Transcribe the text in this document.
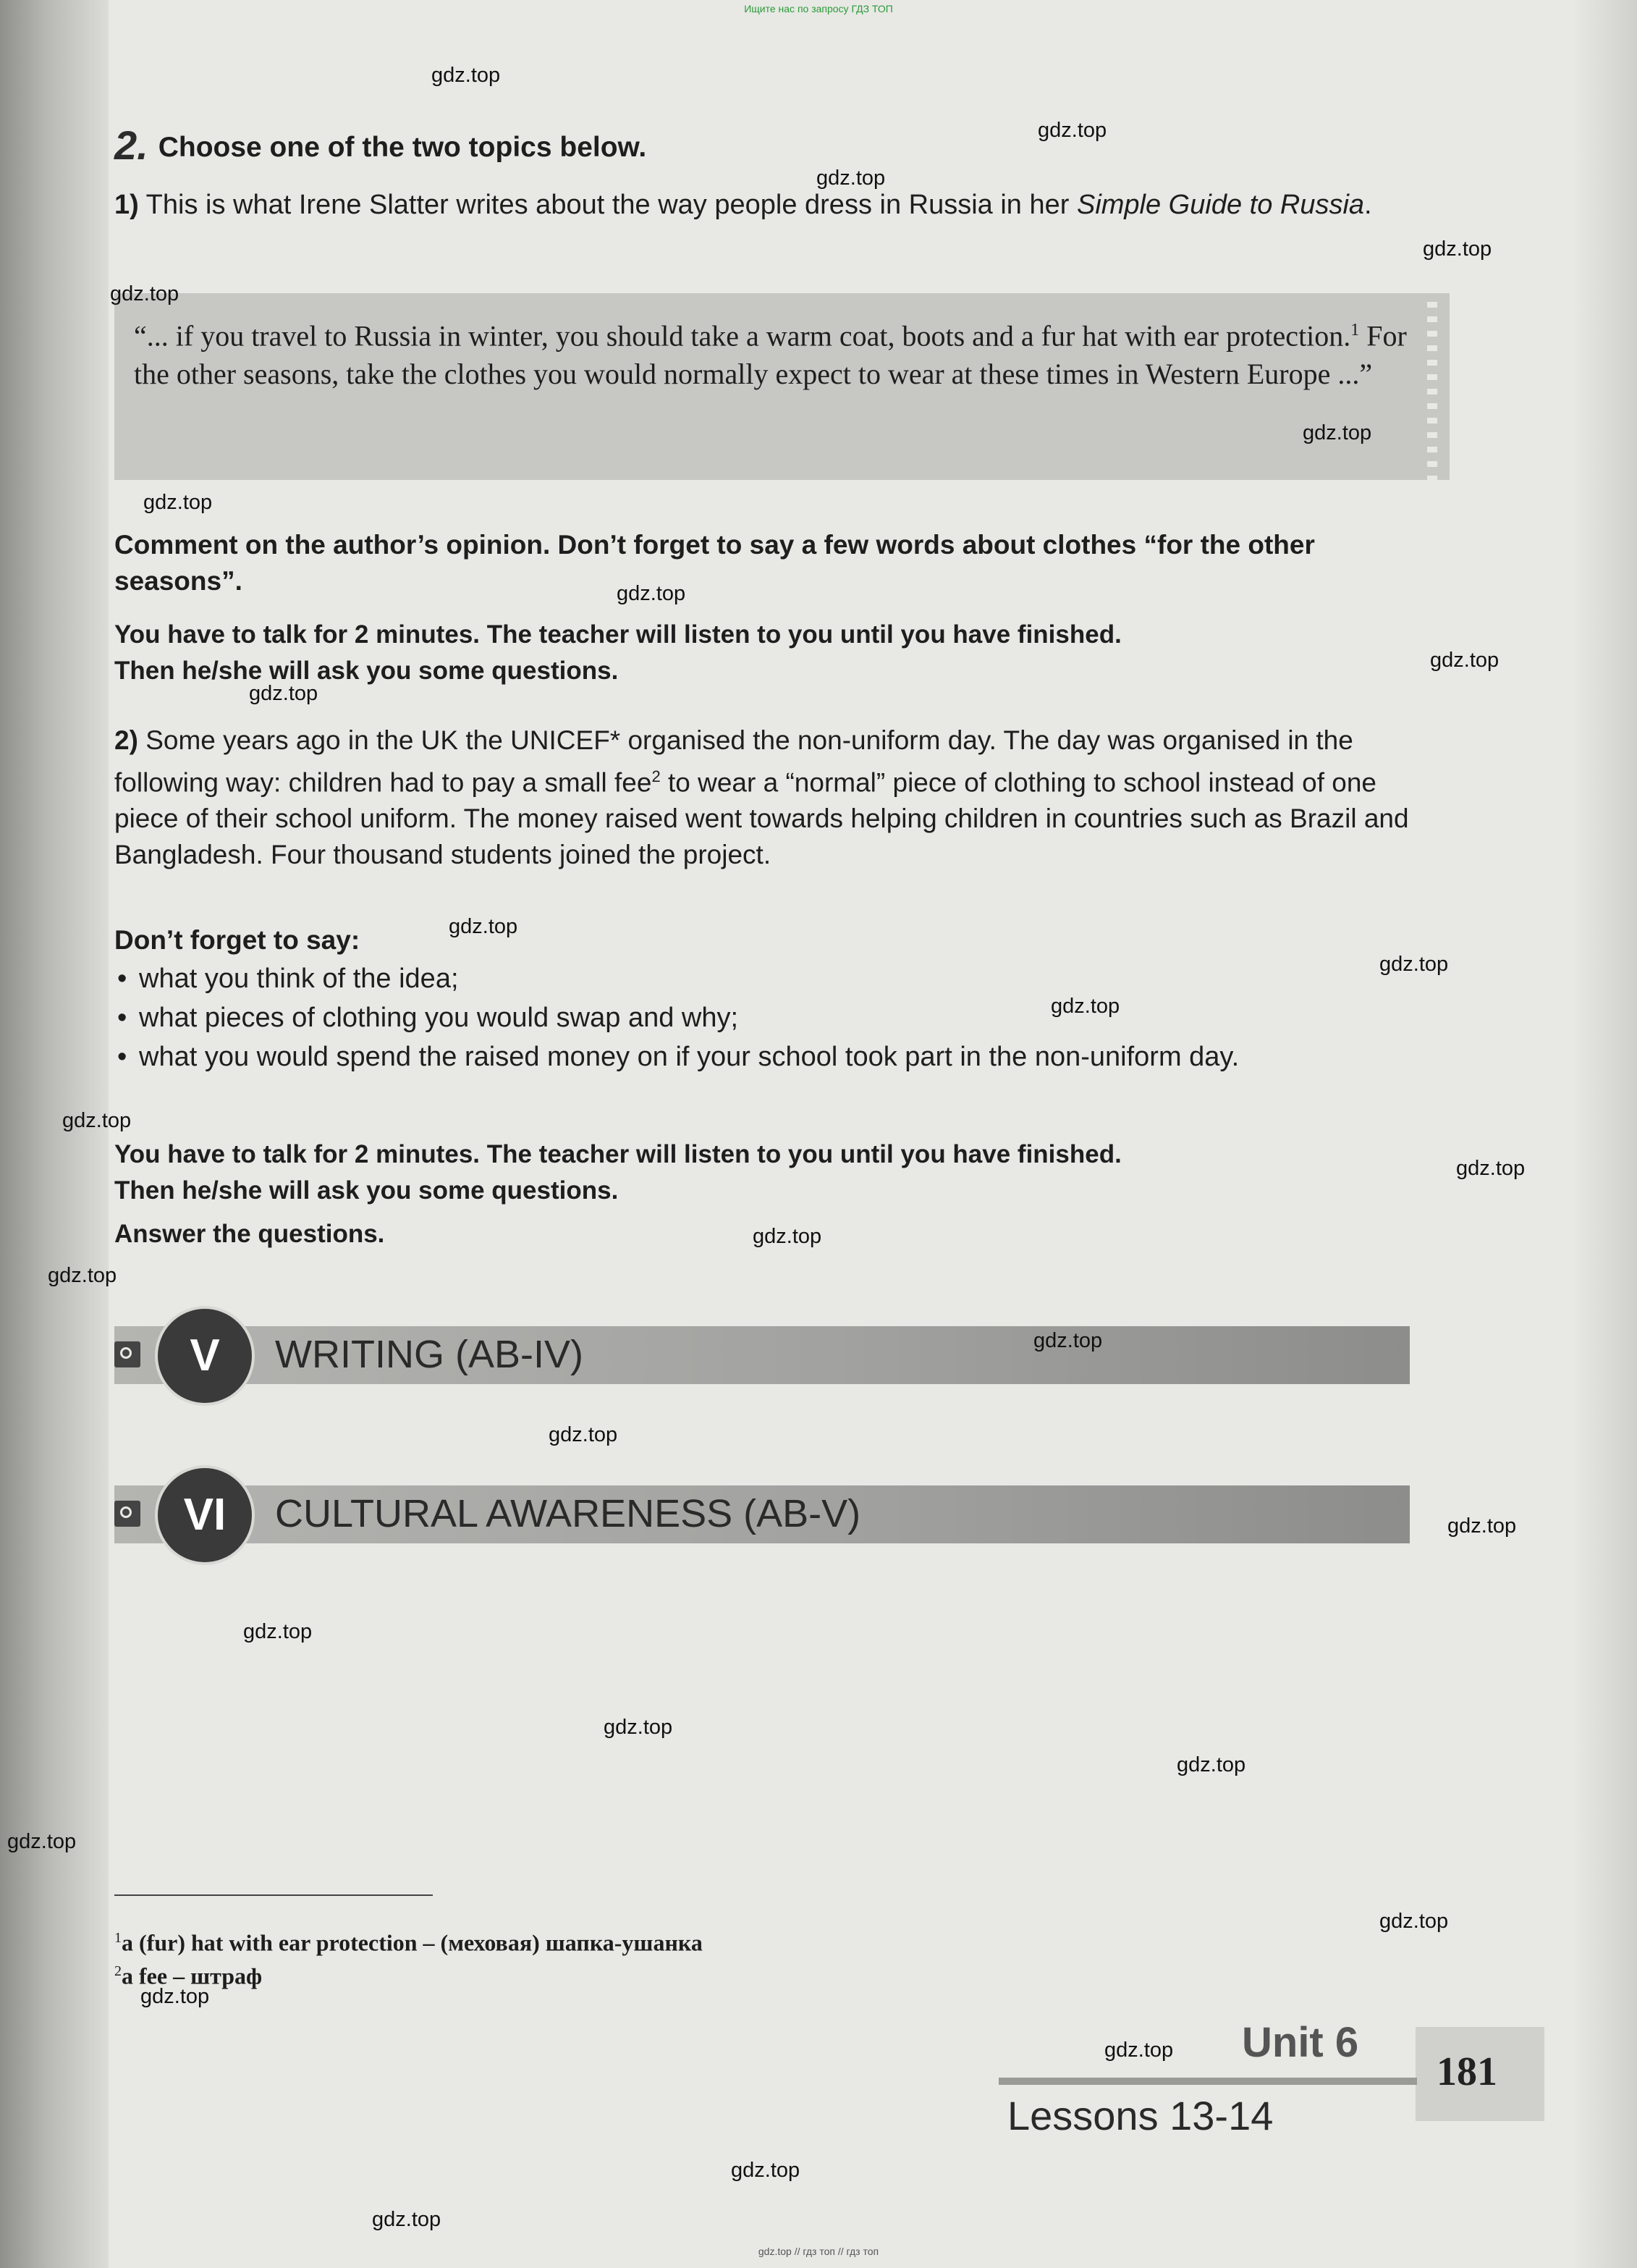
Ищите нас по запросу ГДЗ ТОП
2. Choose one of the two topics below.
1) This is what Irene Slatter writes about the way people dress in Russia in her Simple Guide to Russia.
“... if you travel to Russia in winter, you should take a warm coat, boots and a fur hat with ear protection.$^1$ For the other seasons, take the clothes you would normally expect to wear at these times in Western Europe ...”
Comment on the author’s opinion. Don’t forget to say a few words about clothes “for the other seasons”.
You have to talk for 2 minutes. The teacher will listen to you until you have finished.
Then he/she will ask you some questions.
2) Some years ago in the UK the UNICEF* organised the non-uniform day. The day was organised in the following way: children had to pay a small fee$^2$ to wear a “normal” piece of clothing to school instead of one piece of their school uniform. The money raised went towards helping children in countries such as Brazil and Bangladesh. Four thousand students joined the project.
Don’t forget to say:
• what you think of the idea;
• what pieces of clothing you would swap and why;
• what you would spend the raised money on if your school took part in the non-uniform day.
You have to talk for 2 minutes. The teacher will listen to you until you have finished.
Then he/she will ask you some questions.
Answer the questions.
V	WRITING (AB-IV)
VI	CULTURAL AWARENESS (AB-V)
$^1$a (fur) hat with ear protection – (меховая) шапка-ушанка
$^2$a fee – штраф
Unit 6
181
Lessons 13-14
gdz.top
gdz.top
gdz.top
gdz.top
gdz.top
gdz.top
gdz.top
gdz.top
gdz.top
gdz.top
gdz.top
gdz.top
gdz.top
gdz.top
gdz.top
gdz.top
gdz.top
gdz.top
gdz.top
gdz.top
gdz.top
gdz.top
gdz.top
gdz.top
gdz.top
gdz.top
gdz.top
gdz.top
gdz.top
gdz.top // гдз топ // гдз топ
